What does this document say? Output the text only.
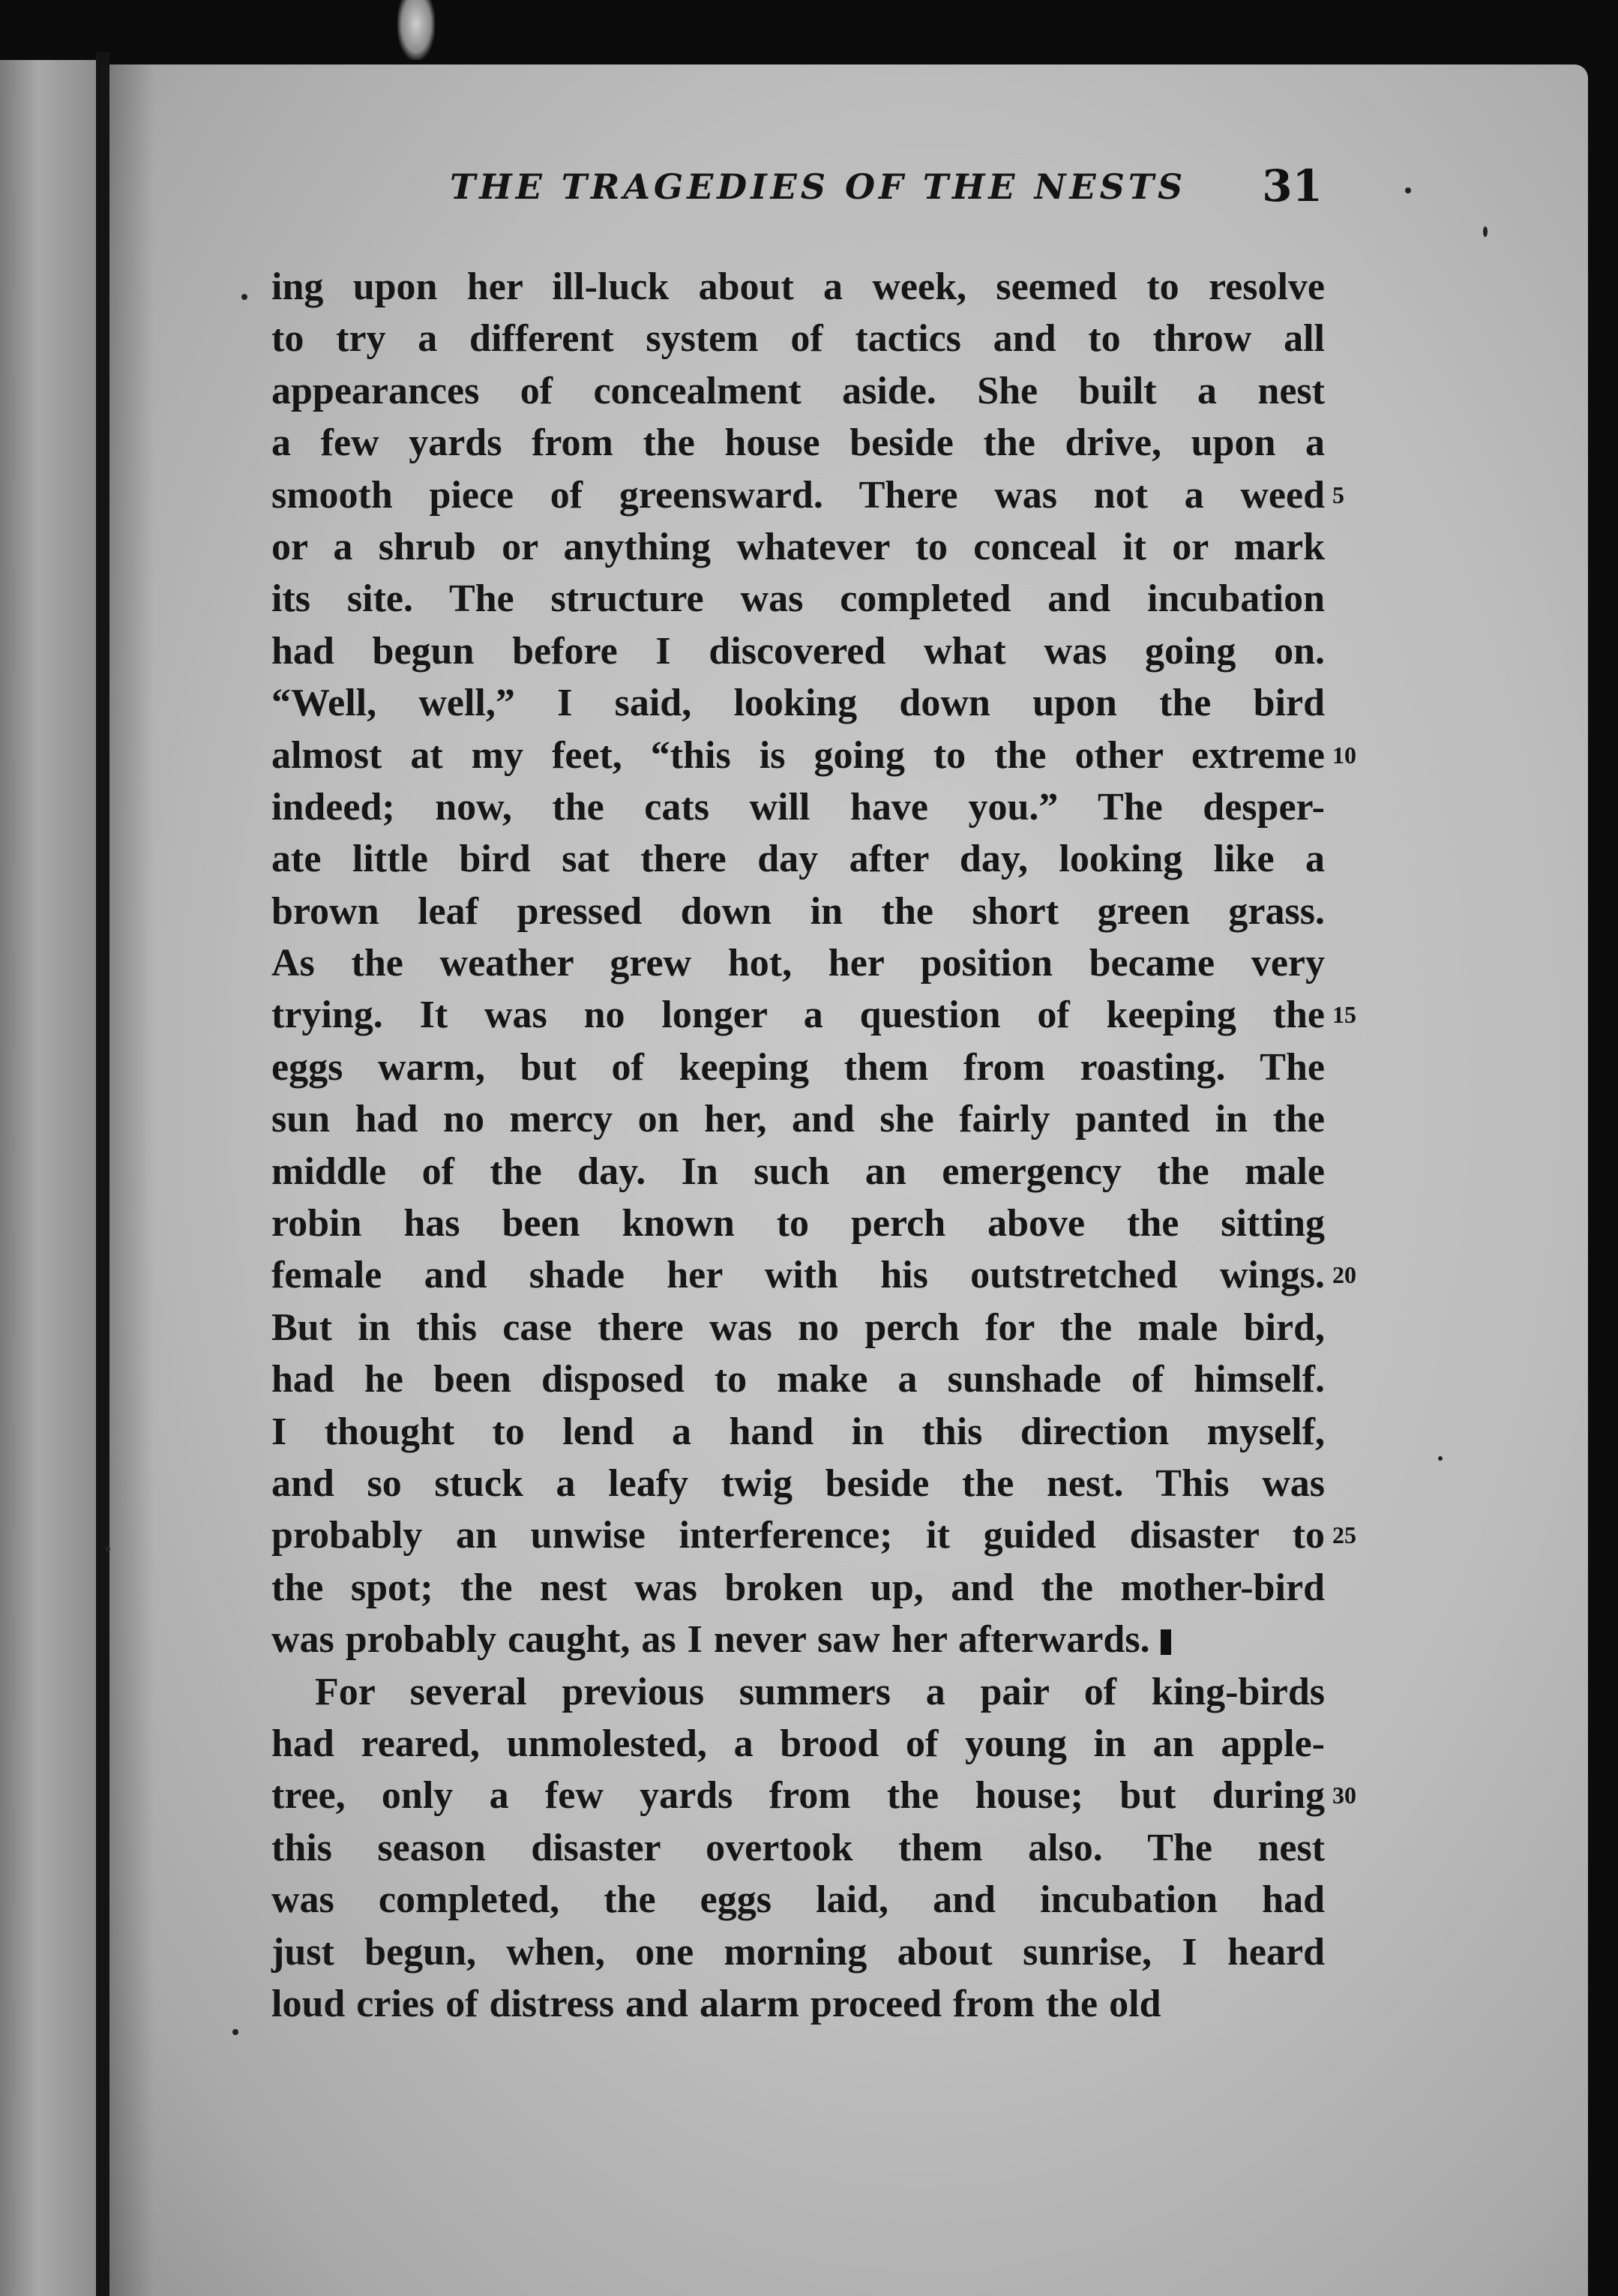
THE TRAGEDIES OF THE NESTS 31
ing upon her ill-luck about a week, seemed to resolve
to try a different system of tactics and to throw all
appearances of concealment aside. She built a nest
a few yards from the house beside the drive, upon a
smooth piece of greensward. There was not a weed 5
or a shrub or anything whatever to conceal it or mark
its site. The structure was completed and incubation
had begun before I discovered what was going on.
“Well, well,” I said, looking down upon the bird
almost at my feet, “this is going to the other extreme 10
indeed; now, the cats will have you.” The desper-
ate little bird sat there day after day, looking like a
brown leaf pressed down in the short green grass.
As the weather grew hot, her position became very
trying. It was no longer a question of keeping the 15
eggs warm, but of keeping them from roasting. The
sun had no mercy on her, and she fairly panted in the
middle of the day. In such an emergency the male
robin has been known to perch above the sitting
female and shade her with his outstretched wings. 20
But in this case there was no perch for the male bird,
had he been disposed to make a sunshade of himself.
I thought to lend a hand in this direction myself,
and so stuck a leafy twig beside the nest. This was
probably an unwise interference; it guided disaster to 25
the spot; the nest was broken up, and the mother-bird
was probably caught, as I never saw her afterwards.
For several previous summers a pair of king-birds
had reared, unmolested, a brood of young in an apple-
tree, only a few yards from the house; but during 30
this season disaster overtook them also. The nest
was completed, the eggs laid, and incubation had
just begun, when, one morning about sunrise, I heard
loud cries of distress and alarm proceed from the old
